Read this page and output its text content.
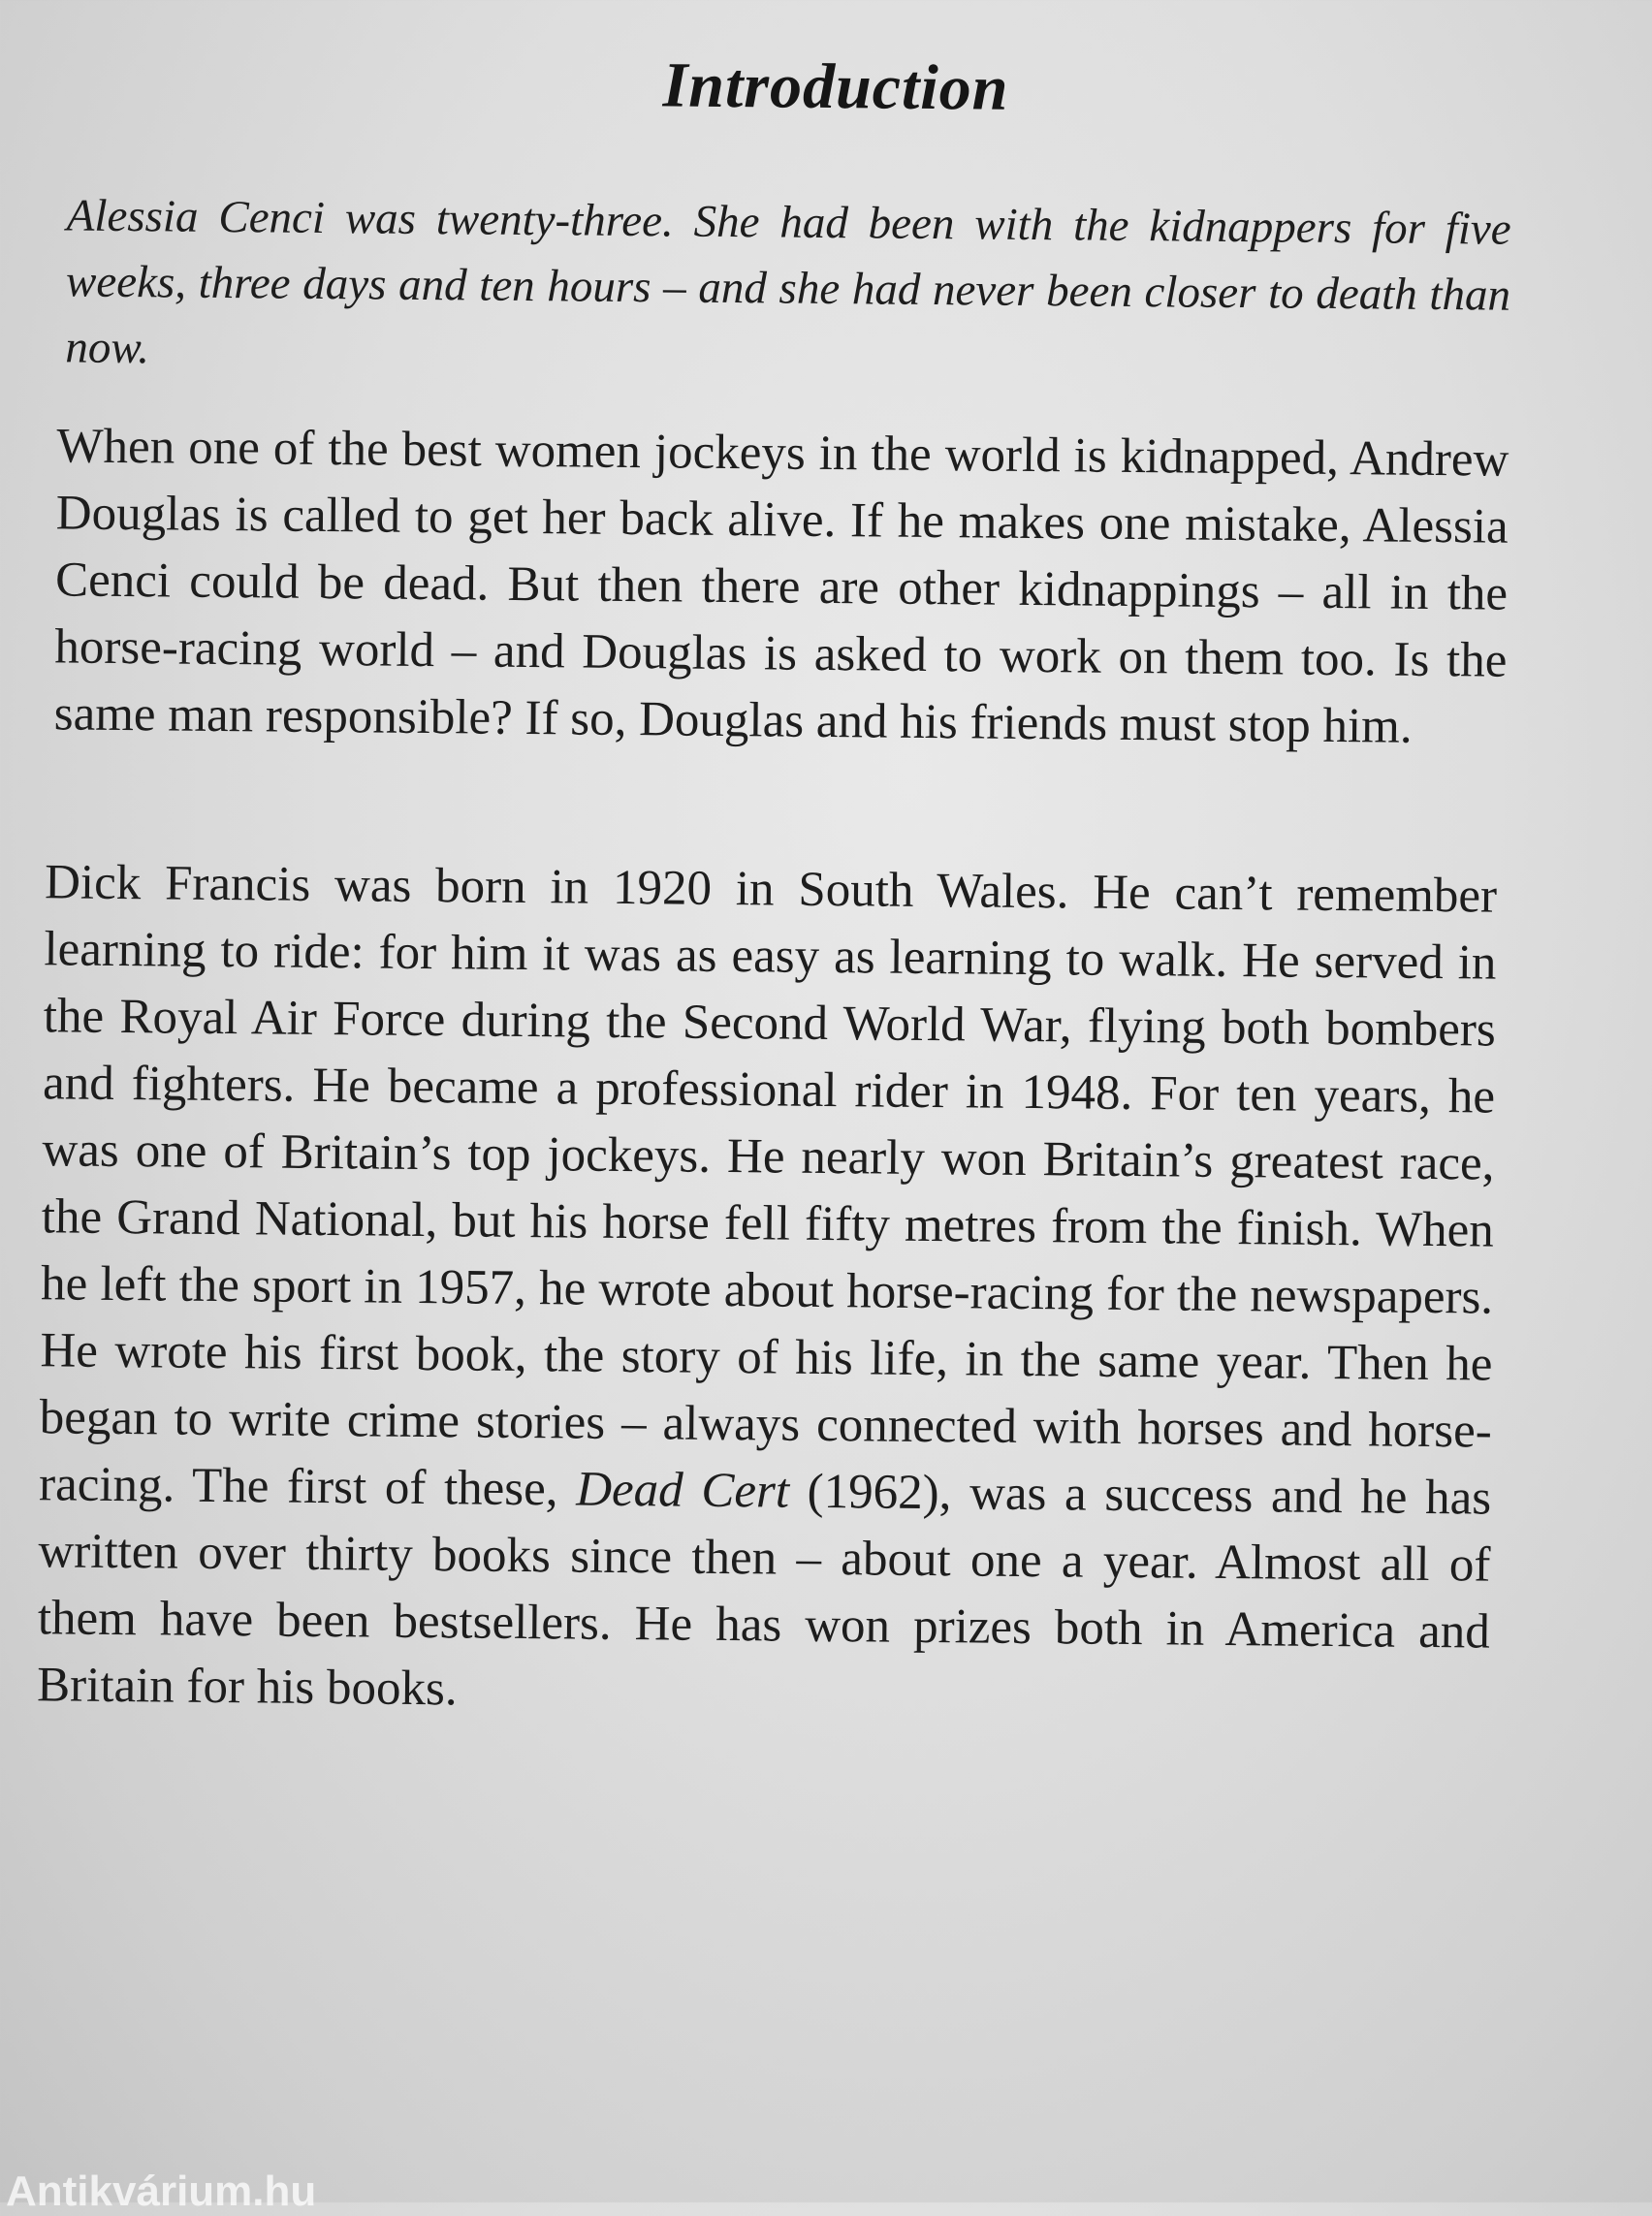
Introduction

Alessia Cenci was twenty-three. She had been with the kidnappers for five weeks, three days and ten hours – and she had never been closer to death than now.

When one of the best women jockeys in the world is kidnapped, Andrew Douglas is called to get her back alive. If he makes one mistake, Alessia Cenci could be dead. But then there are other kidnappings – all in the horse-racing world – and Douglas is asked to work on them too. Is the same man responsible? If so, Douglas and his friends must stop him.

Dick Francis was born in 1920 in South Wales. He can’t remember learning to ride: for him it was as easy as learning to walk. He served in the Royal Air Force during the Second World War, flying both bombers and fighters. He became a professional rider in 1948. For ten years, he was one of Britain’s top jockeys. He nearly won Britain’s greatest race, the Grand National, but his horse fell fifty metres from the finish. When he left the sport in 1957, he wrote about horse-racing for the newspapers. He wrote his first book, the story of his life, in the same year. Then he began to write crime stories – always connected with horses and horse-racing. The first of these, Dead Cert (1962), was a success and he has written over thirty books since then – about one a year. Almost all of them have been bestsellers. He has won prizes both in America and Britain for his books.

Antikvárium.hu
